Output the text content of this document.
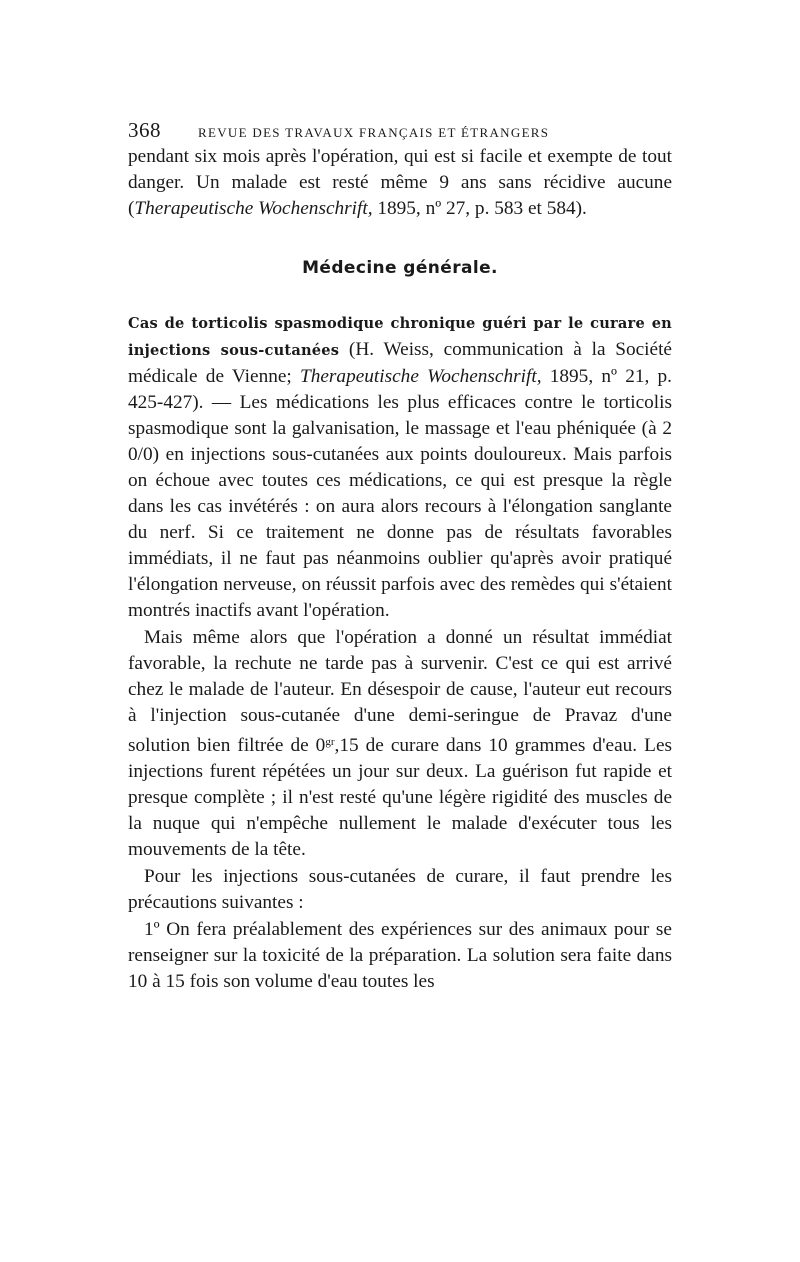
368	REVUE DES TRAVAUX FRANÇAIS ET ÉTRANGERS

pendant six mois après l'opération, qui est si facile et exempte de tout danger. Un malade est resté même 9 ans sans récidive aucune (Therapeutische Wochenschrift, 1895, nº 27, p. 583 et 584).

Médecine générale.

Cas de torticolis spasmodique chronique guéri par le curare en injections sous-cutanées (H. Weiss, communication à la Société médicale de Vienne; Therapeutische Wochenschrift, 1895, nº 21, p. 425-427). — Les médications les plus efficaces contre le torticolis spasmodique sont la galvanisation, le massage et l'eau phéniquée (à 2 0/0) en injections sous-cutanées aux points douloureux. Mais parfois on échoue avec toutes ces médications, ce qui est presque la règle dans les cas invétérés : on aura alors recours à l'élongation sanglante du nerf. Si ce traitement ne donne pas de résultats favorables immédiats, il ne faut pas néanmoins oublier qu'après avoir pratiqué l'élongation nerveuse, on réussit parfois avec des remèdes qui s'étaient montrés inactifs avant l'opération.

Mais même alors que l'opération a donné un résultat immédiat favorable, la rechute ne tarde pas à survenir. C'est ce qui est arrivé chez le malade de l'auteur. En désespoir de cause, l'auteur eut recours à l'injection sous-cutanée d'une demi-seringue de Pravaz d'une solution bien filtrée de $0^{gr},15$ de curare dans 10 grammes d'eau. Les injections furent répétées un jour sur deux. La guérison fut rapide et presque complète ; il n'est resté qu'une légère rigidité des muscles de la nuque qui n'empêche nullement le malade d'exécuter tous les mouvements de la tête.

Pour les injections sous-cutanées de curare, il faut prendre les précautions suivantes :

1º On fera préalablement des expériences sur des animaux pour se renseigner sur la toxicité de la préparation. La solution sera faite dans 10 à 15 fois son volume d'eau toutes les
